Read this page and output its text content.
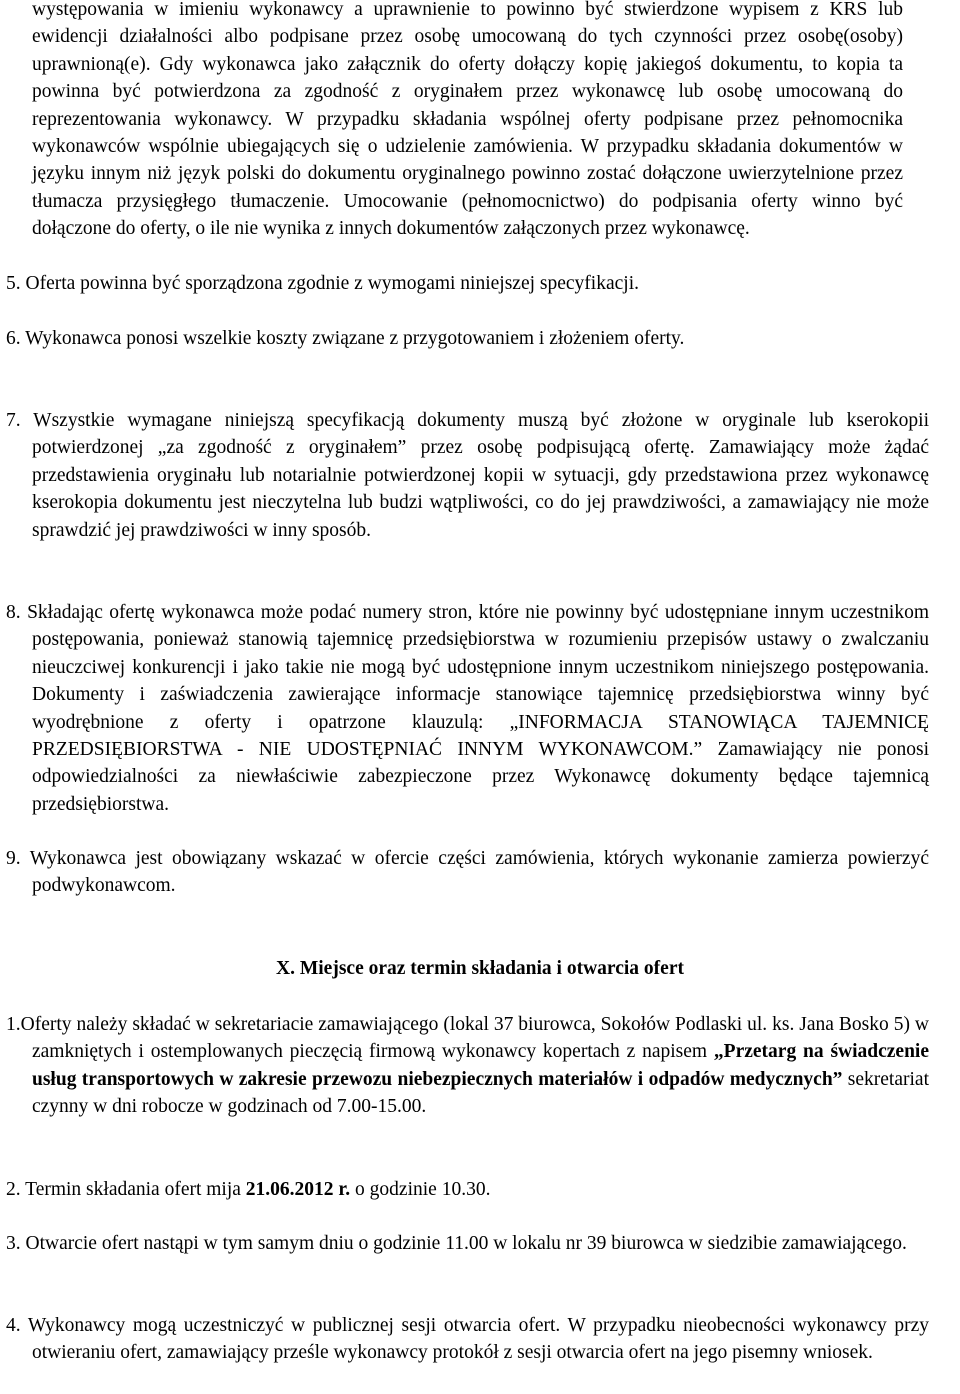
występowania w imieniu wykonawcy a uprawnienie to powinno być stwierdzone wypisem z KRS lub ewidencji działalności albo podpisane przez osobę umocowaną do tych czynności przez osobę(osoby) uprawnioną(e). Gdy wykonawca jako załącznik do oferty dołączy kopię jakiegoś dokumentu, to kopia ta powinna być potwierdzona za zgodność z oryginałem przez wykonawcę lub osobę umocowaną do reprezentowania wykonawcy. W przypadku składania wspólnej oferty podpisane przez pełnomocnika wykonawców wspólnie ubiegających się o udzielenie zamówienia. W przypadku składania dokumentów w języku innym niż język polski do dokumentu oryginalnego powinno zostać dołączone uwierzytelnione przez tłumacza przysięgłego tłumaczenie. Umocowanie (pełnomocnictwo) do podpisania oferty winno być dołączone do oferty, o ile nie wynika z innych dokumentów załączonych przez wykonawcę.

5. Oferta powinna być sporządzona zgodnie z wymogami niniejszej specyfikacji.

6. Wykonawca ponosi wszelkie koszty związane z przygotowaniem i złożeniem oferty.

7. Wszystkie wymagane niniejszą specyfikacją dokumenty muszą być złożone w oryginale lub kserokopii potwierdzonej „za zgodność z oryginałem” przez osobę podpisującą ofertę. Zamawiający może żądać przedstawienia oryginału lub notarialnie potwierdzonej kopii w sytuacji, gdy przedstawiona przez wykonawcę kserokopia dokumentu jest nieczytelna lub budzi wątpliwości, co do jej prawdziwości, a zamawiający nie może sprawdzić jej prawdziwości w inny sposób.

8. Składając ofertę wykonawca może podać numery stron, które nie powinny być udostępniane innym uczestnikom postępowania, ponieważ stanowią tajemnicę przedsiębiorstwa w rozumieniu przepisów ustawy o zwalczaniu nieuczciwej konkurencji i jako takie nie mogą być udostępnione innym uczestnikom niniejszego postępowania. Dokumenty i zaświadczenia zawierające informacje stanowiące tajemnicę przedsiębiorstwa winny być wyodrębnione z oferty i opatrzone klauzulą: „INFORMACJA STANOWIĄCA TAJEMNICĘ PRZEDSIĘBIORSTWA - NIE UDOSTĘPNIAĆ INNYM WYKONAWCOM.” Zamawiający nie ponosi odpowiedzialności za niewłaściwie zabezpieczone przez Wykonawcę dokumenty będące tajemnicą przedsiębiorstwa.

9. Wykonawca jest obowiązany wskazać w ofercie części zamówienia, których wykonanie zamierza powierzyć podwykonawcom.

X. Miejsce oraz termin składania i otwarcia ofert

1.Oferty należy składać w sekretariacie zamawiającego (lokal 37 biurowca, Sokołów Podlaski ul. ks. Jana Bosko 5) w zamkniętych i ostemplowanych pieczęcią firmową wykonawcy kopertach z napisem „Przetarg na świadczenie usług transportowych w zakresie przewozu niebezpiecznych materiałów i odpadów medycznych” sekretariat czynny w dni robocze w godzinach od 7.00-15.00.

2. Termin składania ofert mija 21.06.2012 r. o godzinie 10.30.

3. Otwarcie ofert nastąpi w tym samym dniu o godzinie 11.00 w lokalu nr 39 biurowca w siedzibie zamawiającego.

4. Wykonawcy mogą uczestniczyć w publicznej sesji otwarcia ofert. W przypadku nieobecności wykonawcy przy otwieraniu ofert, zamawiający prześle wykonawcy protokół z sesji otwarcia ofert na jego pisemny wniosek.
